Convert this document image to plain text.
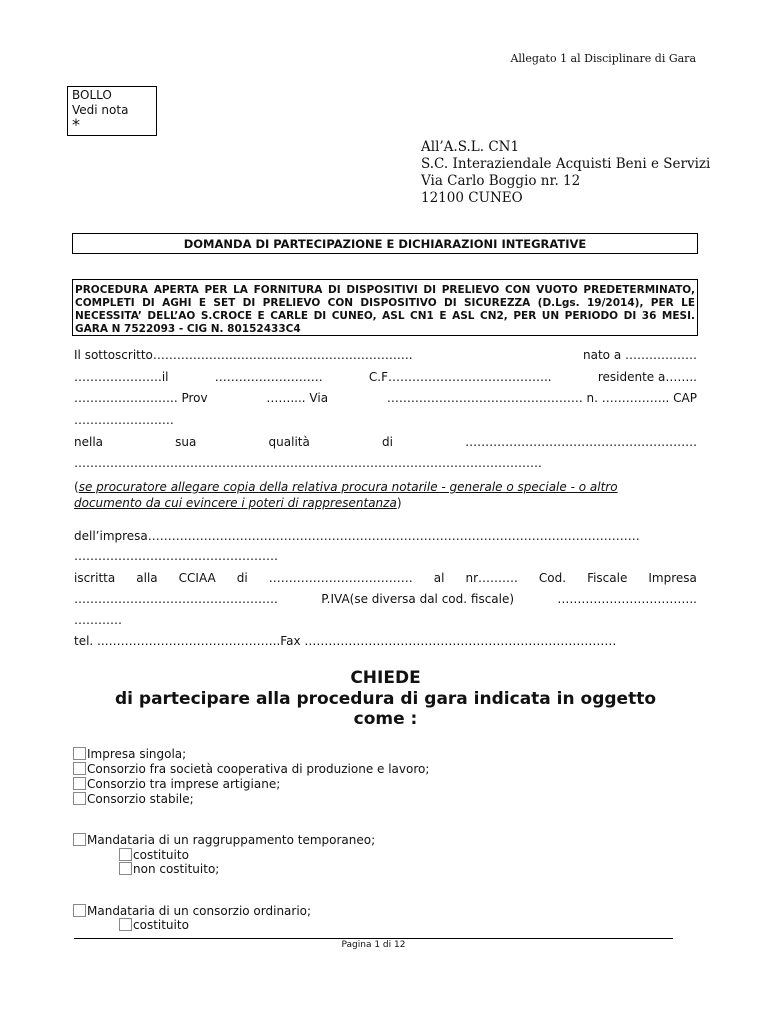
Allegato 1 al Disciplinare di Gara
BOLLO
Vedi nota
*
All’A.S.L. CN1
S.C. Interaziendale Acquisti Beni e Servizi
Via Carlo Boggio nr. 12
12100 CUNEO
DOMANDA DI PARTECIPAZIONE E DICHIARAZIONI INTEGRATIVE
PROCEDURA APERTA PER LA FORNITURA DI DISPOSITIVI DI PRELIEVO CON VUOTO PREDETERMINATO, COMPLETI DI AGHI E SET DI PRELIEVO CON DISPOSITIVO DI SICUREZZA (D.Lgs. 19/2014), PER LE NECESSITA’ DELL’AO S.CROCE E CARLE DI CUNEO, ASL CN1 E ASL CN2, PER UN PERIODO DI 36 MESI. GARA N 7522093 - CIG N. 80152433C4
Il sottoscritto………………………………………………………..	nato a ………………
………………….il	………………………	C.F…………………………………..	residente a……..
…………………….. Prov	…….... Via	…………………………………………. n. …………….. CAP
………………….…
nella	sua	qualità	di	………………………………………………….
………………………………………………………………………………………………………
(se procuratore allegare copia della relativa procura notarile - generale o speciale - o altro
documento da cui evincere i poteri di rappresentanza)
dell’impresa……………………………………………………………………………………………………………
……………………………………………
iscritta alla CCIAA di ……………………………… al nr………. Cod. Fiscale Impresa
……………………………………………	P.IVA(se diversa dal cod. fiscale)	……………………………..
…………
tel. ..……………………………………..Fax ……………………………………………………………………
CHIEDE
di partecipare alla procedura di gara indicata in oggetto
come :
Impresa singola;
Consorzio fra società cooperativa di produzione e lavoro;
Consorzio tra imprese artigiane;
Consorzio stabile;
Mandataria di un raggruppamento temporaneo;
costituito
non costituito;
Mandataria di un consorzio ordinario;
costituito
Pagina 1 di 12
